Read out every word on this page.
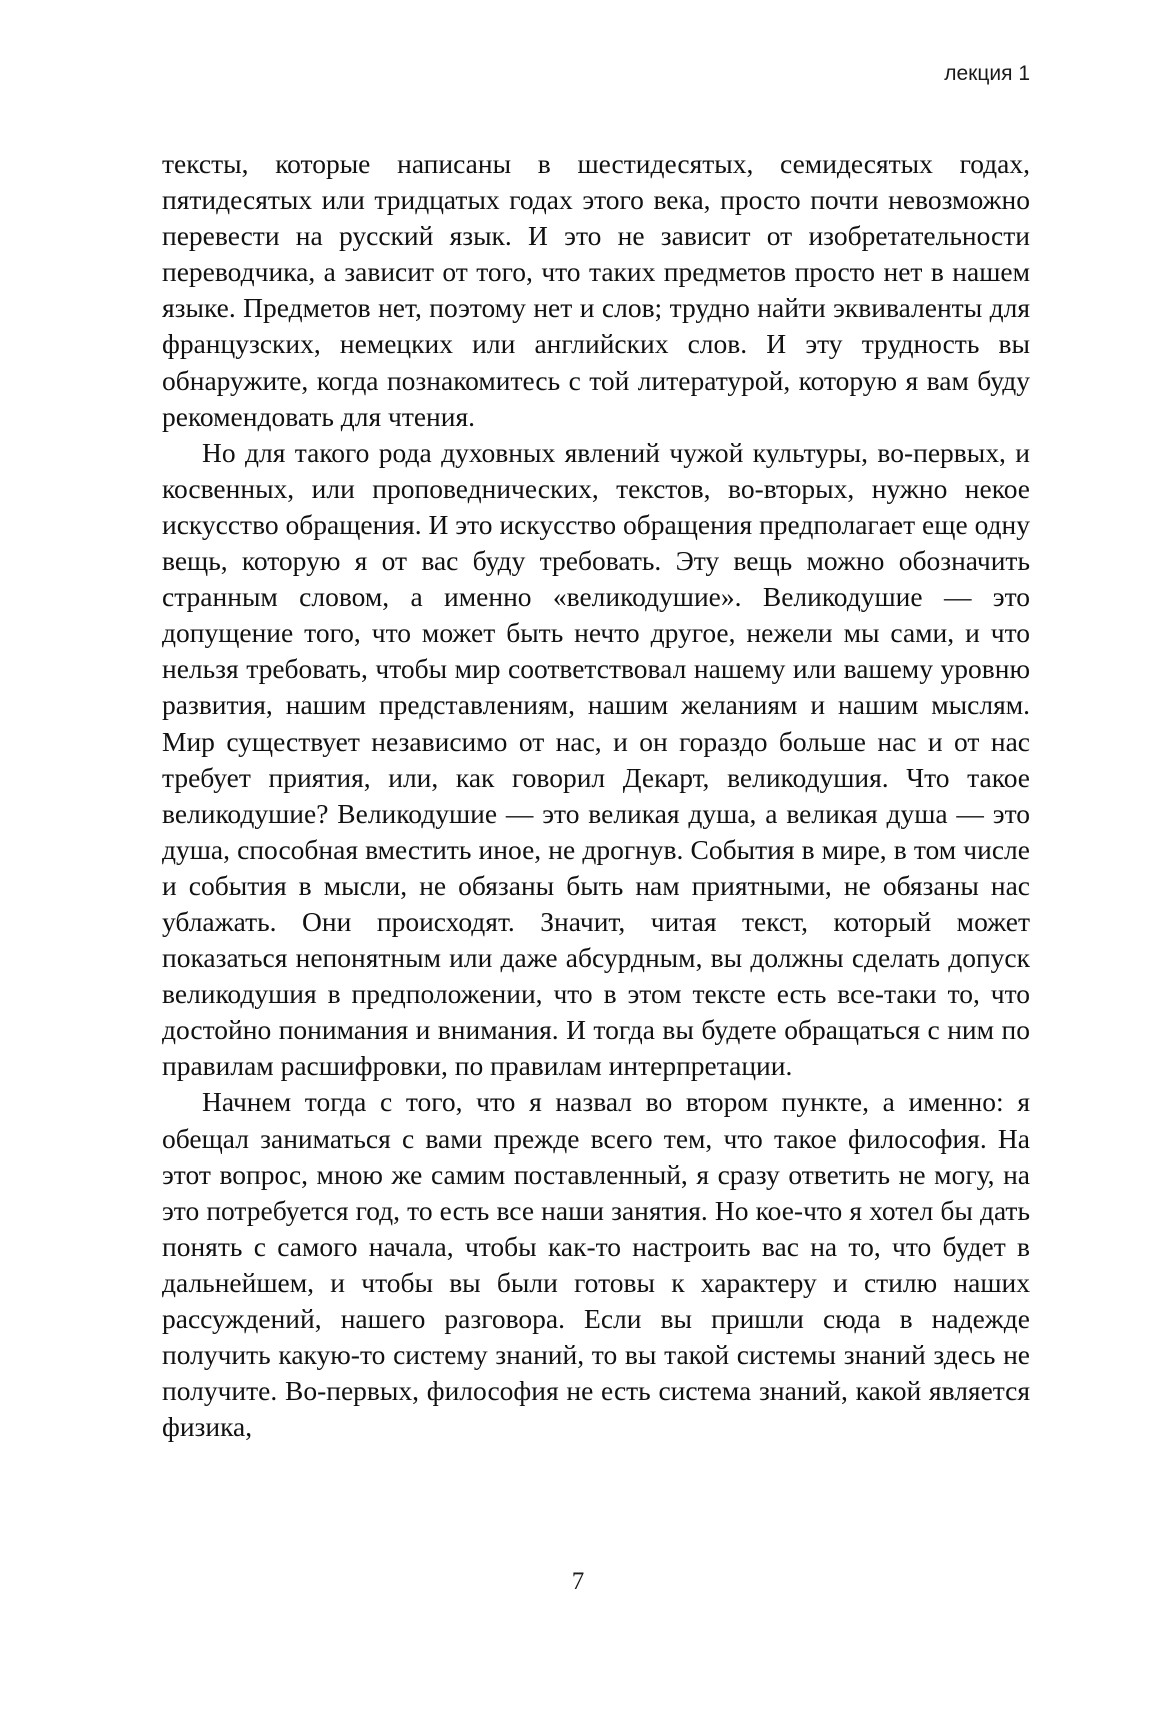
лекция 1

тексты, которые написаны в шестидесятых, семидесятых годах, пятидесятых или тридцатых годах этого века, просто почти невозможно перевести на русский язык. И это не зависит от изобретательности переводчика, а зависит от того, что таких предметов просто нет в нашем языке. Предметов нет, поэтому нет и слов; трудно найти эквиваленты для французских, немецких или английских слов. И эту трудность вы обнаружите, когда познакомитесь с той литературой, которую я вам буду рекомендовать для чтения.

Но для такого рода духовных явлений чужой культуры, во-первых, и косвенных, или проповеднических, текстов, во-вторых, нужно некое искусство обращения. И это искусство обращения предполагает еще одну вещь, которую я от вас буду требовать. Эту вещь можно обозначить странным словом, а именно «великодушие». Великодушие — это допущение того, что может быть нечто другое, нежели мы сами, и что нельзя требовать, чтобы мир соответствовал нашему или вашему уровню развития, нашим представлениям, нашим желаниям и нашим мыслям. Мир существует независимо от нас, и он гораздо больше нас и от нас требует приятия, или, как говорил Декарт, великодушия. Что такое великодушие? Великодушие — это великая душа, а великая душа — это душа, способная вместить иное, не дрогнув. События в мире, в том числе и события в мысли, не обязаны быть нам приятными, не обязаны нас ублажать. Они происходят. Значит, читая текст, который может показаться непонятным или даже абсурдным, вы должны сделать допуск великодушия в предположении, что в этом тексте есть все-таки то, что достойно понимания и внимания. И тогда вы будете обращаться с ним по правилам расшифровки, по правилам интерпретации.

Начнем тогда с того, что я назвал во втором пункте, а именно: я обещал заниматься с вами прежде всего тем, что такое философия. На этот вопрос, мною же самим поставленный, я сразу ответить не могу, на это потребуется год, то есть все наши занятия. Но кое-что я хотел бы дать понять с самого начала, чтобы как-то настроить вас на то, что будет в дальнейшем, и чтобы вы были готовы к характеру и стилю наших рассуждений, нашего разговора. Если вы пришли сюда в надежде получить какую-то систему знаний, то вы такой системы знаний здесь не получите. Во-первых, философия не есть система знаний, какой является физика,

7
